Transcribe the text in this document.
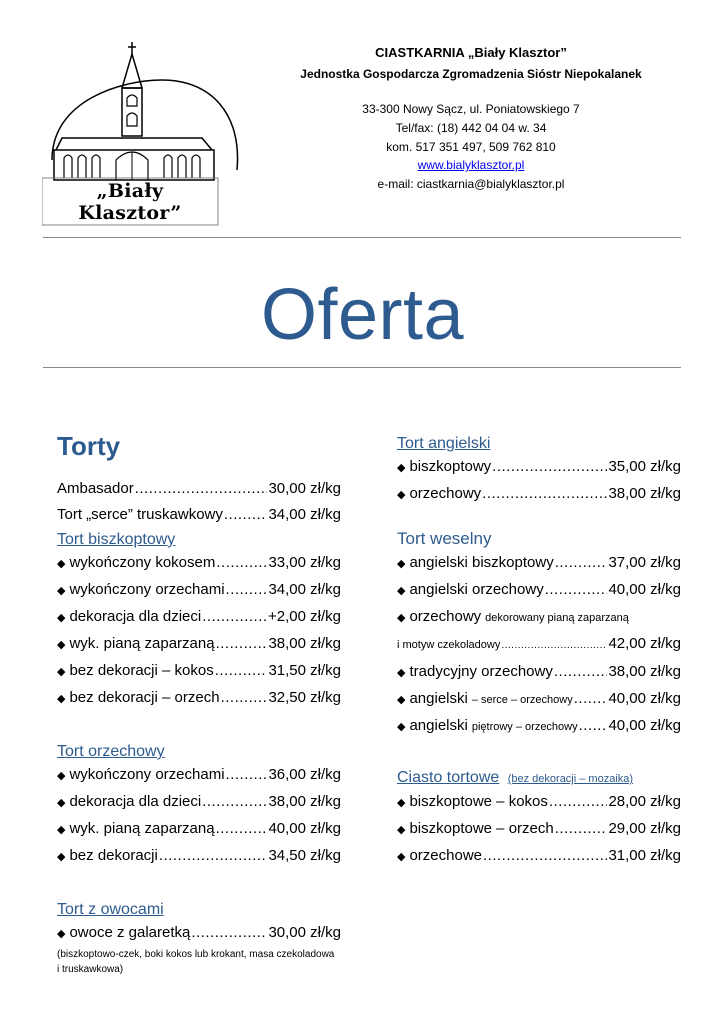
„Biały Klasztor”
CIASTKARNIA „Biały Klasztor”
Jednostka Gospodarcza Zgromadzenia Sióstr Niepokalanek
33-300 Nowy Sącz, ul. Poniatowskiego 7
Tel/fax: (18) 442 04 04 w. 34
kom. 517 351 497, 509 762 810
www.bialyklasztor.pl
e-mail: ciastkarnia@bialyklasztor.pl
Oferta
Torty
Ambasador .....	30,00 zł/kg
Tort „serce” truskawkowy .....	34,00 zł/kg
Tort biszkoptowy
◆ wykończony kokosem .....	33,00 zł/kg
◆ wykończony orzechami .....	34,00 zł/kg
◆ dekoracja dla dzieci .....	+2,00 zł/kg
◆ wyk. pianą zaparzaną .....	38,00 zł/kg
◆ bez dekoracji – kokos .....	31,50 zł/kg
◆ bez dekoracji – orzech .....	32,50 zł/kg
Tort orzechowy
◆ wykończony orzechami .....	36,00 zł/kg
◆ dekoracja dla dzieci .....	38,00 zł/kg
◆ wyk. pianą zaparzaną .....	40,00 zł/kg
◆ bez dekoracji .....	34,50 zł/kg
Tort z owocami
◆ owoce z galaretką .....	30,00 zł/kg
(biszkoptowo-czek, boki kokos lub krokant, masa czekoladowa
i truskawkowa)
Tort angielski
◆ biszkoptowy .....	35,00 zł/kg
◆ orzechowy .....	38,00 zł/kg
Tort weselny
◆ angielski biszkoptowy .....	37,00 zł/kg
◆ angielski orzechowy .....	40,00 zł/kg
◆ orzechowy dekorowany pianą zaparzaną
i motyw czekoladowy .....	42,00 zł/kg
◆ tradycyjny orzechowy .....	38,00 zł/kg
◆ angielski – serce – orzechowy ..... 40,00 zł/kg
◆ angielski piętrowy – orzechowy ..... 40,00 zł/kg
Ciasto tortowe (bez dekoracji – mozaika)
◆ biszkoptowe – kokos .....	28,00 zł/kg
◆ biszkoptowe – orzech .....	29,00 zł/kg
◆ orzechowe .....	31,00 zł/kg
